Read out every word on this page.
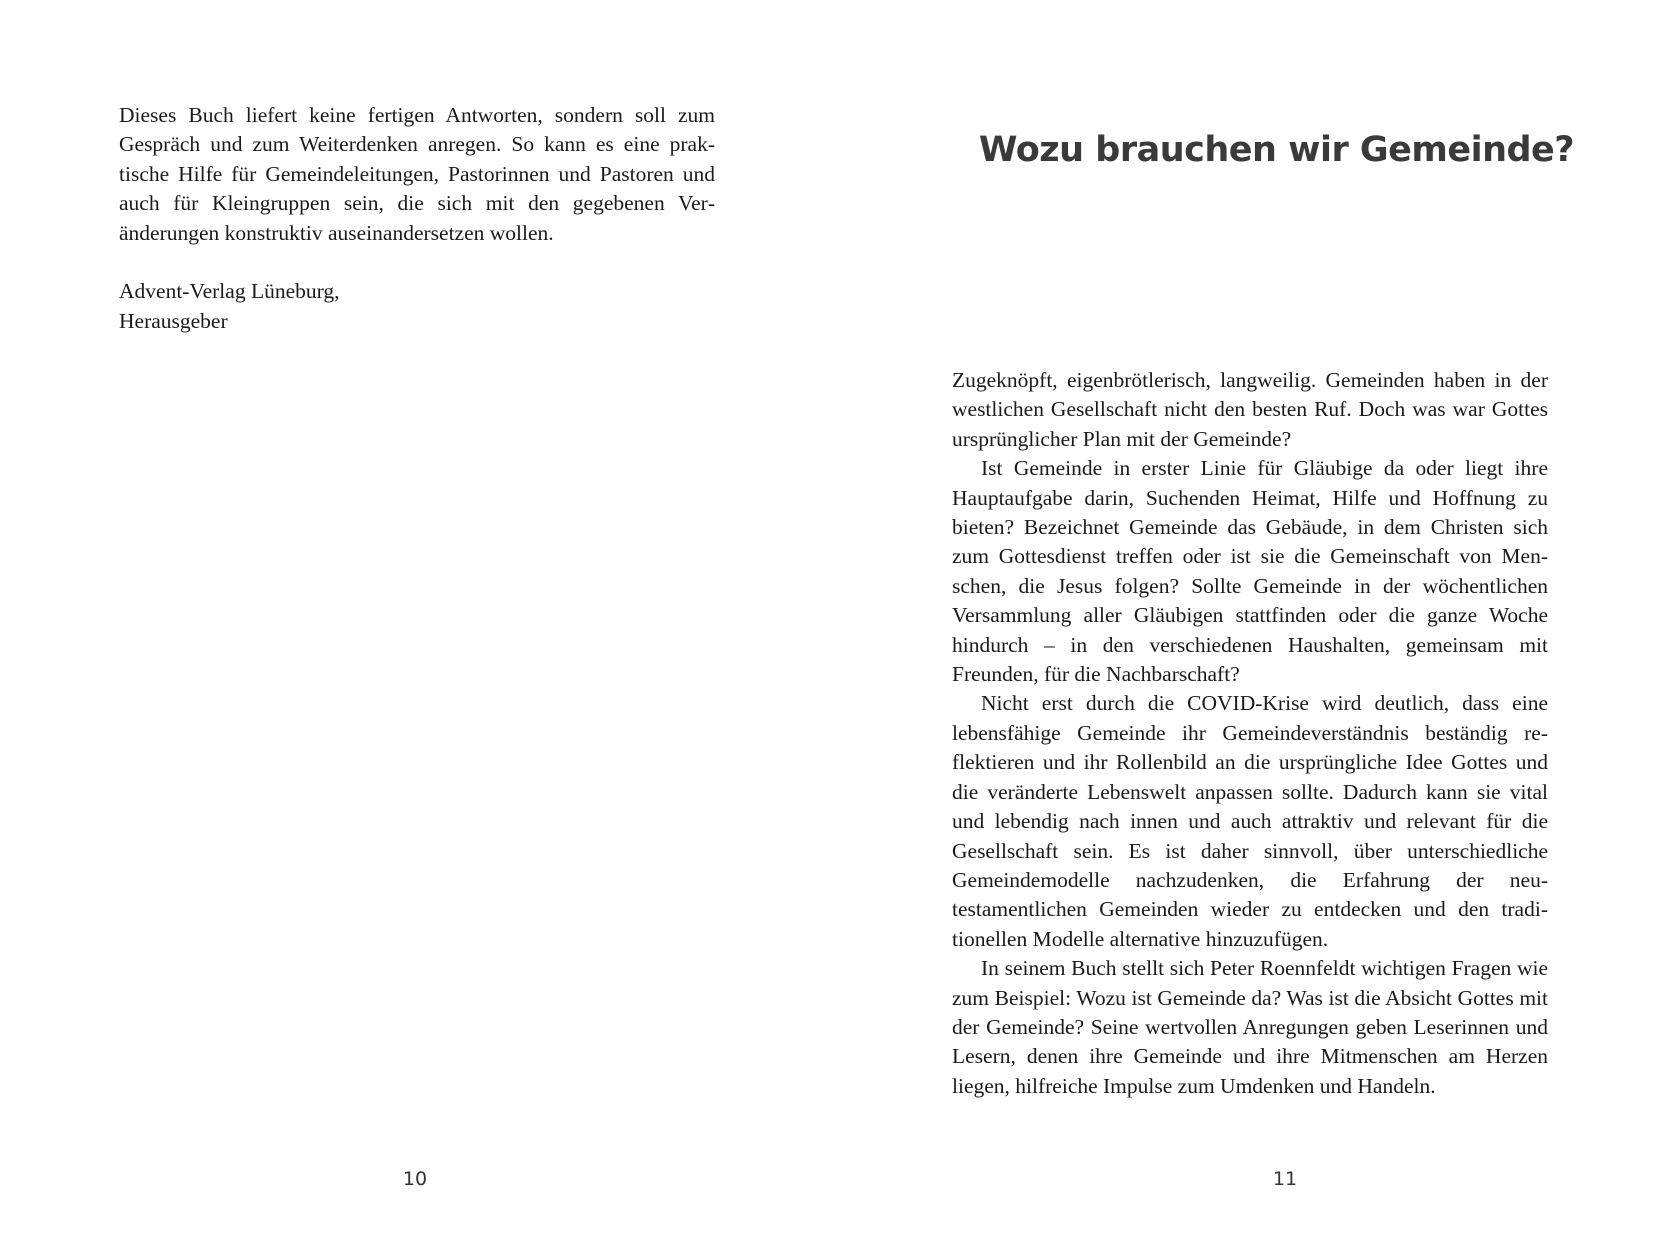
Dieses Buch liefert keine fertigen Antworten, sondern soll zum Gespräch und zum Weiterdenken anregen. So kann es eine praktische Hilfe für Gemeindeleitungen, Pastorinnen und Pastoren und auch für Kleingruppen sein, die sich mit den gegebenen Veränderungen konstruktiv auseinandersetzen wollen.

Advent-Verlag Lüneburg,
Herausgeber
10
Wozu brauchen wir Gemeinde?

Zugeknöpft, eigenbrötlerisch, langweilig. Gemeinden haben in der westlichen Gesellschaft nicht den besten Ruf. Doch was war Gottes ursprünglicher Plan mit der Gemeinde?

Ist Gemeinde in erster Linie für Gläubige da oder liegt ihre Hauptaufgabe darin, Suchenden Heimat, Hilfe und Hoffnung zu bieten? Bezeichnet Gemeinde das Gebäude, in dem Christen sich zum Gottesdienst treffen oder ist sie die Gemeinschaft von Menschen, die Jesus folgen? Sollte Gemeinde in der wöchentlichen Versammlung aller Gläubigen stattfinden oder die ganze Woche hindurch – in den verschiedenen Haushalten, gemeinsam mit Freunden, für die Nachbarschaft?

Nicht erst durch die COVID-Krise wird deutlich, dass eine lebensfähige Gemeinde ihr Gemeindeverständnis beständig reflektieren und ihr Rollenbild an die ursprüngliche Idee Gottes und die veränderte Lebenswelt anpassen sollte. Dadurch kann sie vital und lebendig nach innen und auch attraktiv und relevant für die Gesellschaft sein. Es ist daher sinnvoll, über unterschiedliche Gemeindemodelle nachzudenken, die Erfahrung der neutestamentlichen Gemeinden wieder zu entdecken und den traditionellen Modelle alternative hinzuzufügen.

In seinem Buch stellt sich Peter Roennfeldt wichtigen Fragen wie zum Beispiel: Wozu ist Gemeinde da? Was ist die Absicht Gottes mit der Gemeinde? Seine wertvollen Anregungen geben Leserinnen und Lesern, denen ihre Gemeinde und ihre Mitmenschen am Herzen liegen, hilfreiche Impulse zum Umdenken und Handeln.

11
